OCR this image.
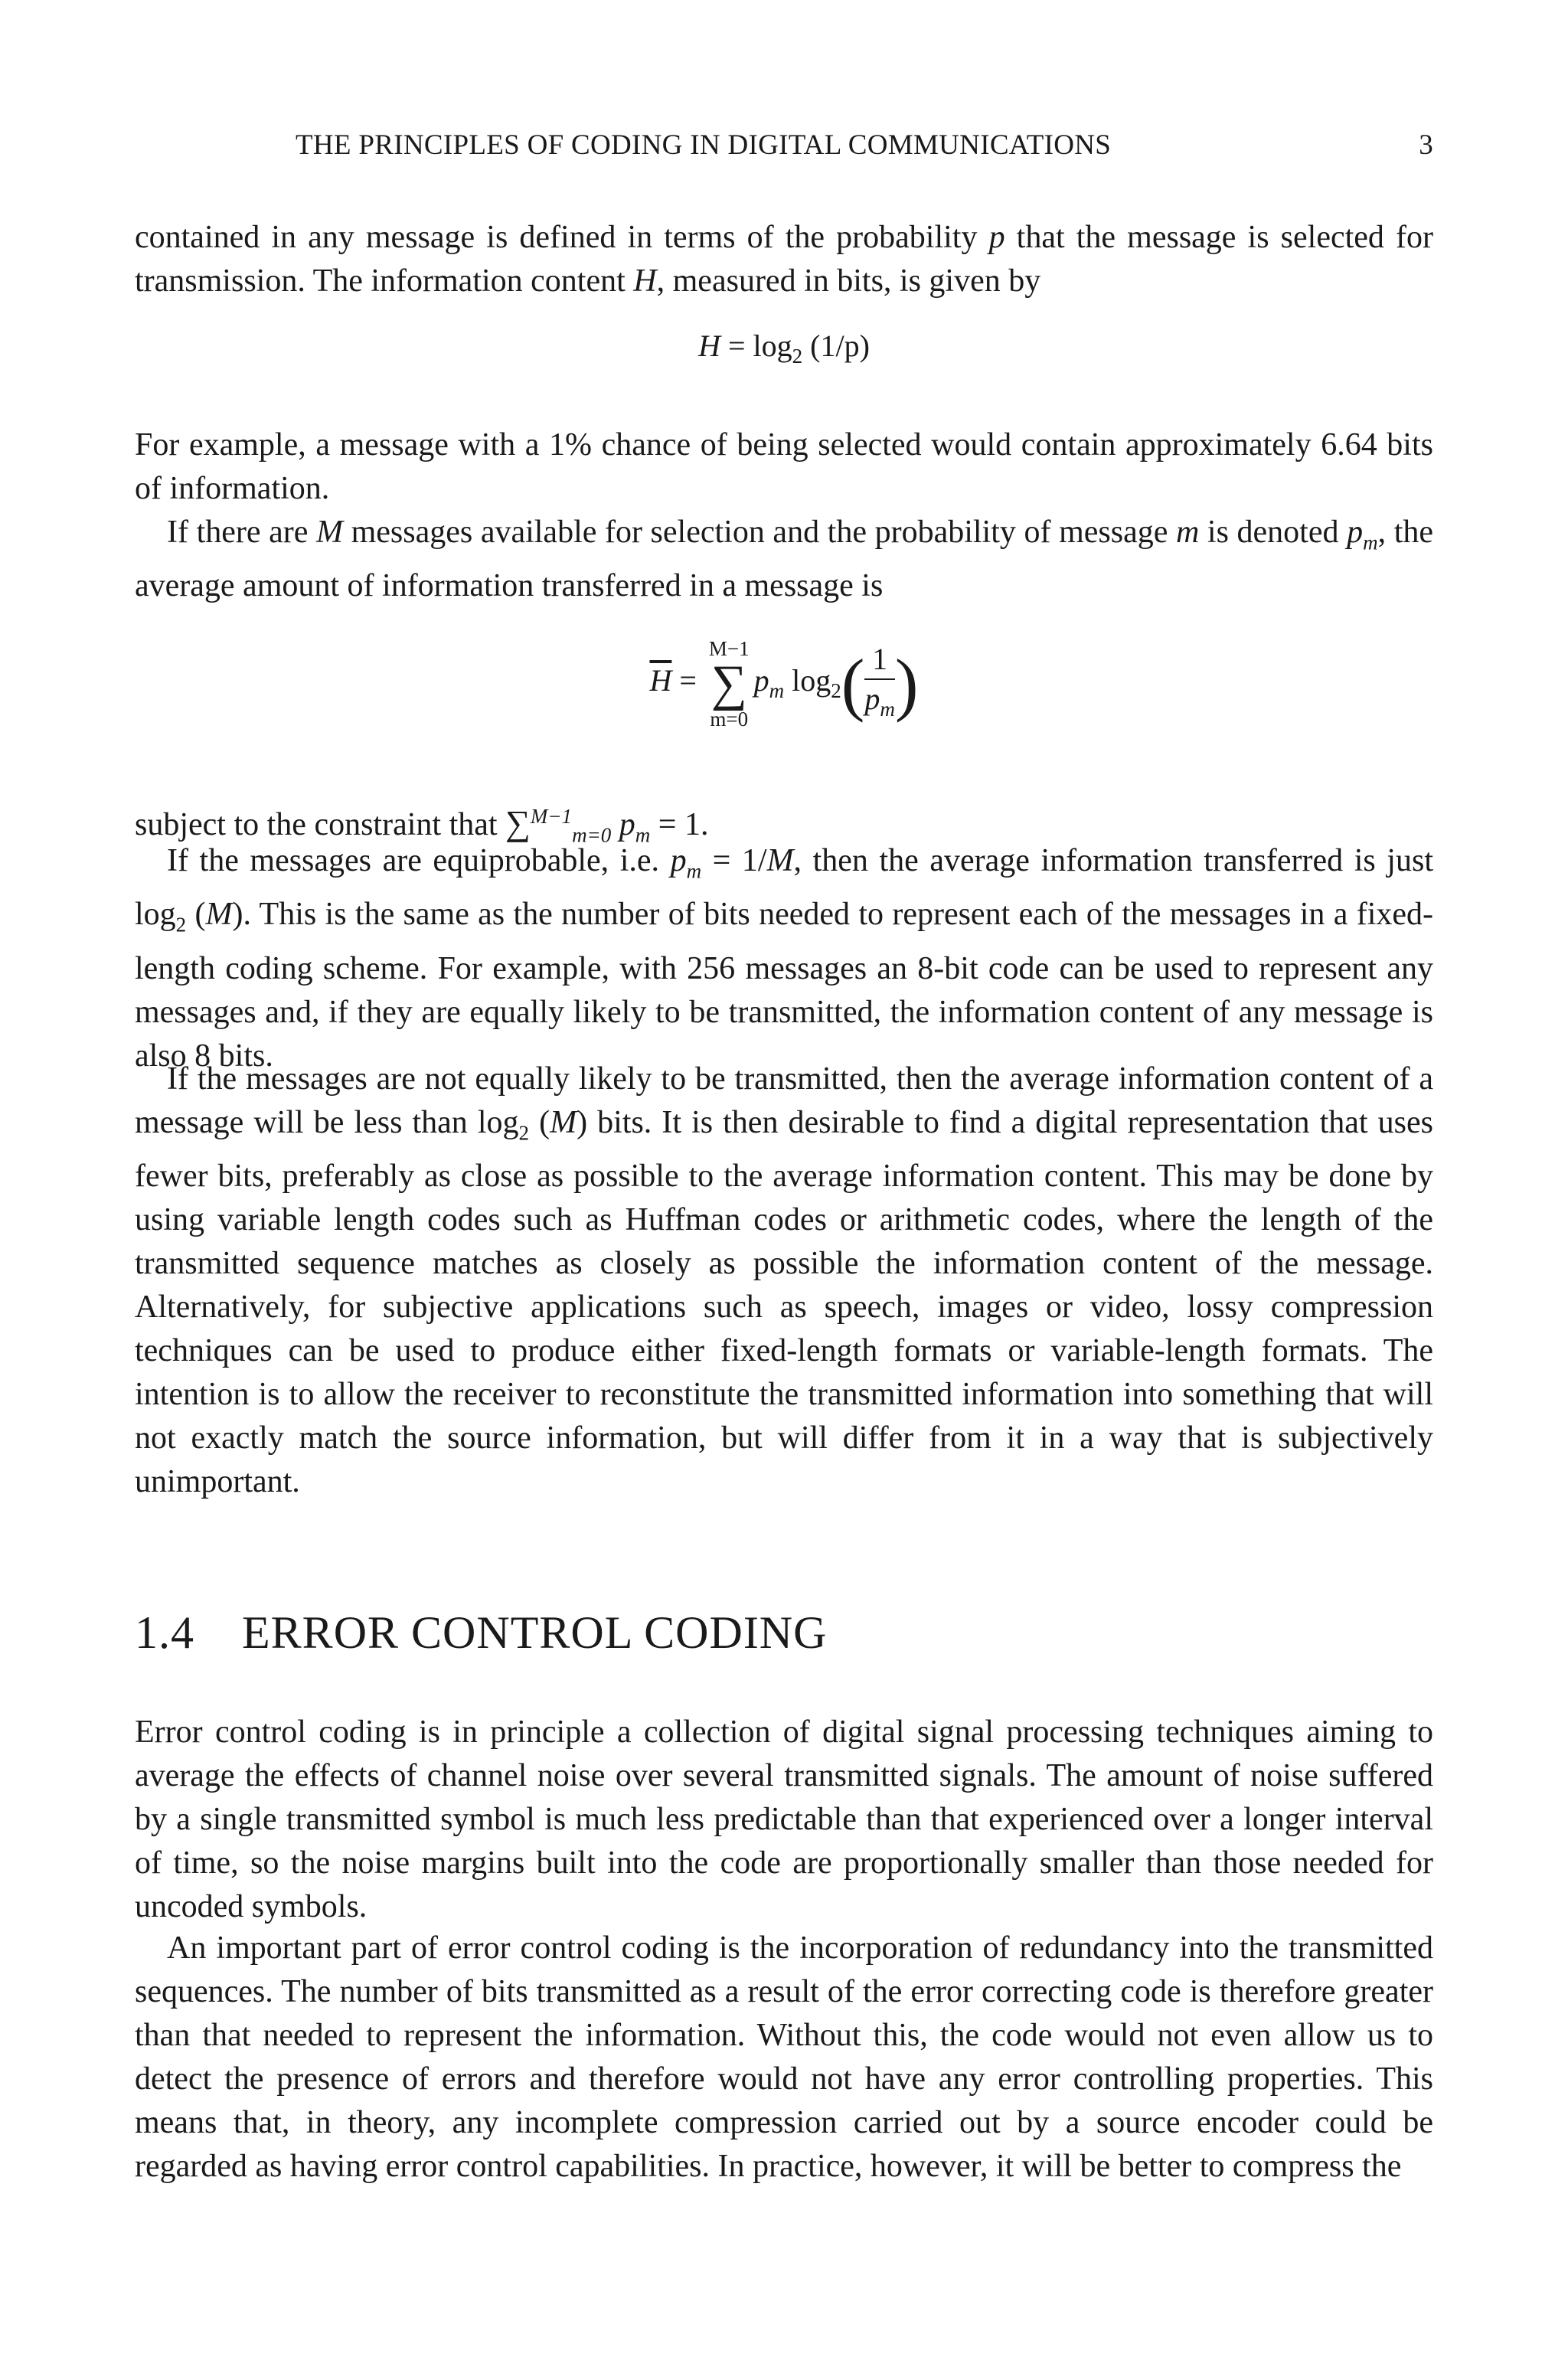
THE PRINCIPLES OF CODING IN DIGITAL COMMUNICATIONS	3

contained in any message is defined in terms of the probability p that the message is selected for transmission. The information content H, measured in bits, is given by

$H = \log_2 (1/p)$

For example, a message with a 1% chance of being selected would contain approximately 6.64 bits of information.

If there are M messages available for selection and the probability of message m is denoted $p_m$, the average amount of information transferred in a message is

$\overline{H}$ =
M−1
∑
m=0
$p_m$ $\log_2( \frac{1}{p_m}$ )

subject to the constraint that ∑$^{M-1}_{m=0}$ $p_m = 1$.

If the messages are equiprobable, i.e. $p_m = 1/M$, then the average information transferred is just $\log_2 (M)$. This is the same as the number of bits needed to represent each of the messages in a fixed-length coding scheme. For example, with 256 messages an 8-bit code can be used to represent any messages and, if they are equally likely to be transmitted, the information content of any message is also 8 bits.

If the messages are not equally likely to be transmitted, then the average information content of a message will be less than $\log_2 (M)$ bits. It is then desirable to find a digital representation that uses fewer bits, preferably as close as possible to the average information content. This may be done by using variable length codes such as Huffman codes or arithmetic codes, where the length of the transmitted sequence matches as closely as possible the information content of the message. Alternatively, for subjective applications such as speech, images or video, lossy compression techniques can be used to produce either fixed-length formats or variable-length formats. The intention is to allow the receiver to reconstitute the transmitted information into something that will not exactly match the source information, but will differ from it in a way that is subjectively unimportant.

1.4 ERROR CONTROL CODING

Error control coding is in principle a collection of digital signal processing techniques aiming to average the effects of channel noise over several transmitted signals. The amount of noise suffered by a single transmitted symbol is much less predictable than that experienced over a longer interval of time, so the noise margins built into the code are proportionally smaller than those needed for uncoded symbols.

An important part of error control coding is the incorporation of redundancy into the transmitted sequences. The number of bits transmitted as a result of the error correcting code is therefore greater than that needed to represent the information. Without this, the code would not even allow us to detect the presence of errors and therefore would not have any error controlling properties. This means that, in theory, any incomplete compression carried out by a source encoder could be regarded as having error control capabilities. In practice, however, it will be better to compress the
